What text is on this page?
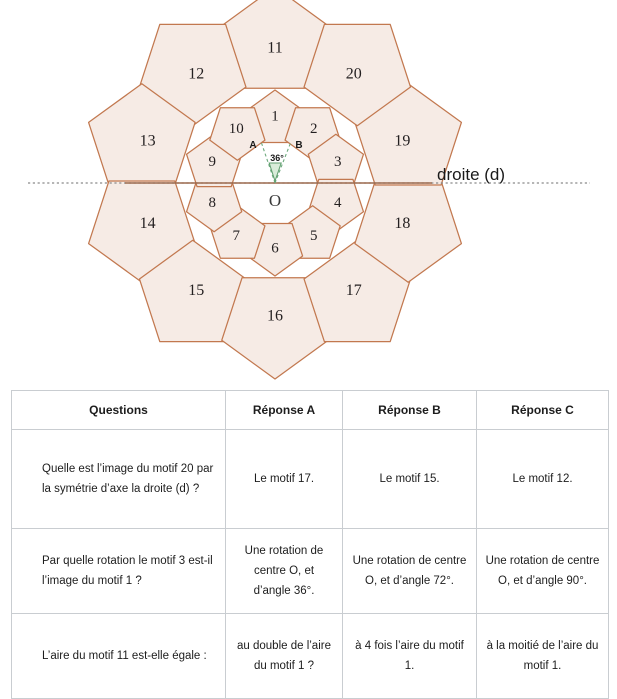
11
12
13
14
15
16
17
18
19
20
1
2
3
4
5
6
7
8
9
10
A	B
36°
O
droite (d)
Questions	Réponse A	Réponse B	Réponse C
Quelle est l’image du motif 20 par la symétrie d’axe la droite (d) ?	Le motif 17.	Le motif 15.	Le motif 12.
Par quelle rotation le motif 3 est-il l’image du motif 1 ?	Une rotation de centre O, et d’angle 36°.	Une rotation de centre O, et d’angle 72°.	Une rotation de centre O, et d’angle 90°.
L’aire du motif 11 est-elle égale :	au double de l’aire du motif 1 ?	à 4 fois l’aire du motif 1.	à la moitié de l’aire du motif 1.
